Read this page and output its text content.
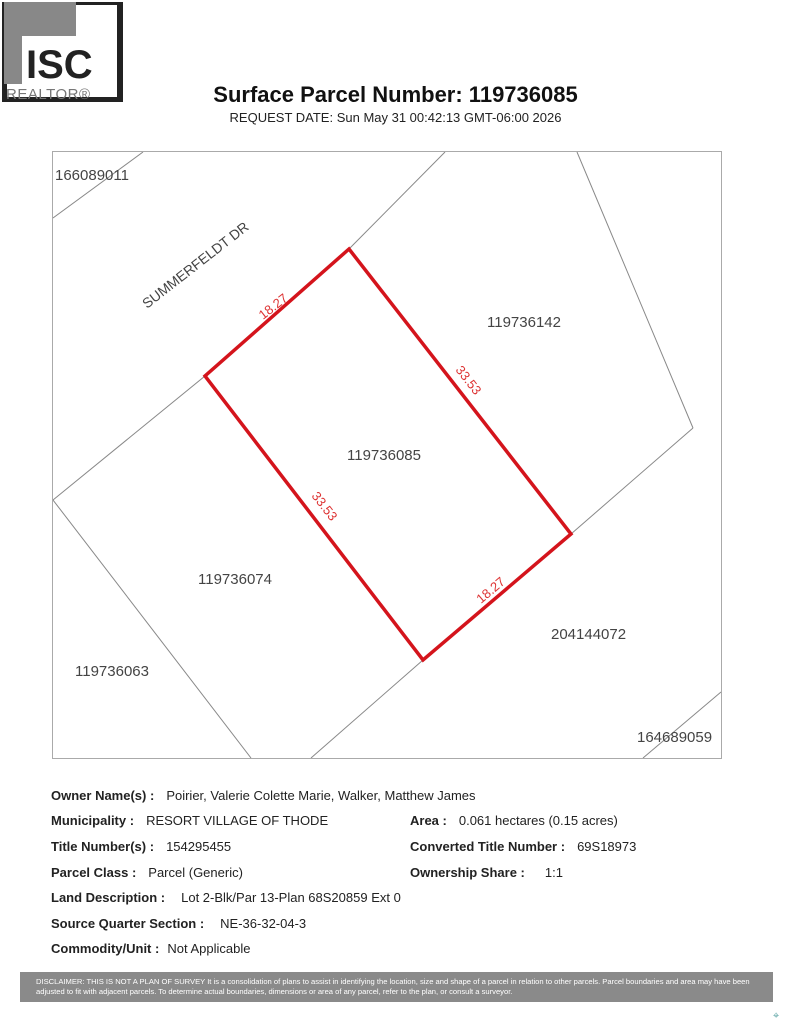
ISC
REALTOR®	Surface Parcel Number: 119736085
REQUEST DATE: Sun May 31 00:42:13 GMT-06:00 2026
166089011
119736142
119736074
119736063
204144072
164689059
119736085
SUMMERFELDT DR 18.27
33.53
33.53
18.27
Owner Name(s) : Poirier, Valerie Colette Marie, Walker, Matthew James
Municipality : RESORT VILLAGE OF THODE	Area : 0.061 hectares (0.15 acres)
Title Number(s) : 154295455	Converted Title Number : 69S18973
Parcel Class : Parcel (Generic)	Ownership Share : 1:1
Land Description : Lot 2-Blk/Par 13-Plan 68S20859 Ext 0
Source Quarter Section : NE-36-32-04-3
Commodity/Unit : Not Applicable
DISCLAIMER: THIS IS NOT A PLAN OF SURVEY It is a consolidation of plans to assist in identifying the location, size and shape of a parcel in relation to other parcels. Parcel boundaries and area may have been adjusted to fit with adjacent parcels. To determine actual boundaries, dimensions or area of any parcel, refer to the plan, or consult a surveyor.
⌖
